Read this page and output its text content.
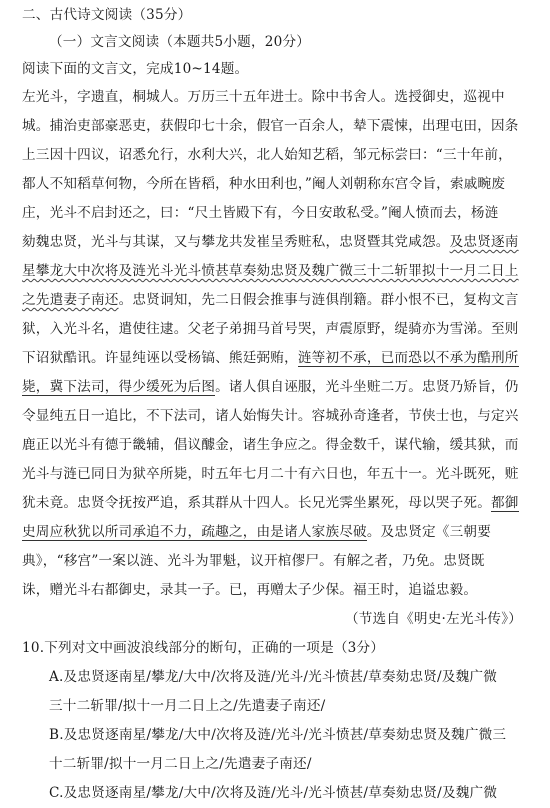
二、古代诗文阅读（35分）
（一）文言文阅读（本题共5小题，20分）
阅读下面的文言文，完成10~14题。
左光斗，字遗直，桐城人。万历三十五年进士。除中书舍人。选授御史，巡视中
城。捕治吏部豪恶吏，获假印七十余，假官一百余人，辇下震悚，出理屯田，因条
上三因十四议，诏悉允行，水利大兴，北人始知艺稻，邹元标尝曰：“三十年前，
都人不知稻草何物，今所在皆稻，种水田利也，”阉人刘朝称东宫令旨，索戚畹废
庄，光斗不启封还之，曰：“尺土皆殿下有，今日安敢私受。”阉人愤而去，杨涟
劾魏忠贤，光斗与其谋，又与攀龙共发崔呈秀赃私，忠贤暨其党咸怨。及忠贤逐南
星攀龙大中次将及涟光斗光斗愤甚草奏劾忠贤及魏广微三十二斩罪拟十一月二日上
之先遣妻子南还。忠贤诇知，先二日假会推事与涟俱削籍。群小恨不已，复构文言
狱，入光斗名，遣使往逮。父老子弟拥马首号哭，声震原野，缇骑亦为雪涕。至则
下诏狱酷讯。许显纯诬以受杨镐、熊廷弼贿，涟等初不承，已而恐以不承为酷刑所
毙，冀下法司，得少缓死为后图。诸人俱自诬服，光斗坐赃二万。忠贤乃矫旨，仍
令显纯五日一追比，不下法司，诸人始悔失计。容城孙奇逢者，节侠士也，与定兴
鹿正以光斗有德于畿辅，倡议醵金，诸生争应之。得金数千，谋代输，缓其狱，而
光斗与涟已同日为狱卒所毙，时五年七月二十有六日也，年五十一。光斗既死，赃
犹未竟。忠贤令抚按严追，系其群从十四人。长兄光霁坐累死，母以哭子死。都御
史周应秋犹以所司承追不力，疏趣之，由是诸人家族尽破。及忠贤定《三朝要
典》，“移宫”一案以涟、光斗为罪魁，议开棺僇尸。有解之者，乃免。忠贤既
诛，赠光斗右都御史，录其一子。已，再赠太子少保。福王时，追谥忠毅。
（节选自《明史·左光斗传》）
10.下列对文中画波浪线部分的断句，正确的一项是（3分）
A.及忠贤逐南星/攀龙/大中/次将及涟/光斗/光斗愤甚/草奏劾忠贤/及魏广微
三十二斩罪/拟十一月二日上之/先遣妻子南还/
B.及忠贤逐南星/攀龙/大中/次将及涟/光斗/光斗愤甚/草奏劾忠贤及魏广微三
十二斩罪/拟十一月二日上之/先遣妻子南还/
C.及忠贤逐南星/攀龙/大中/次将及涟/光斗/光斗愤甚/草奏劾忠贤/及魏广微
